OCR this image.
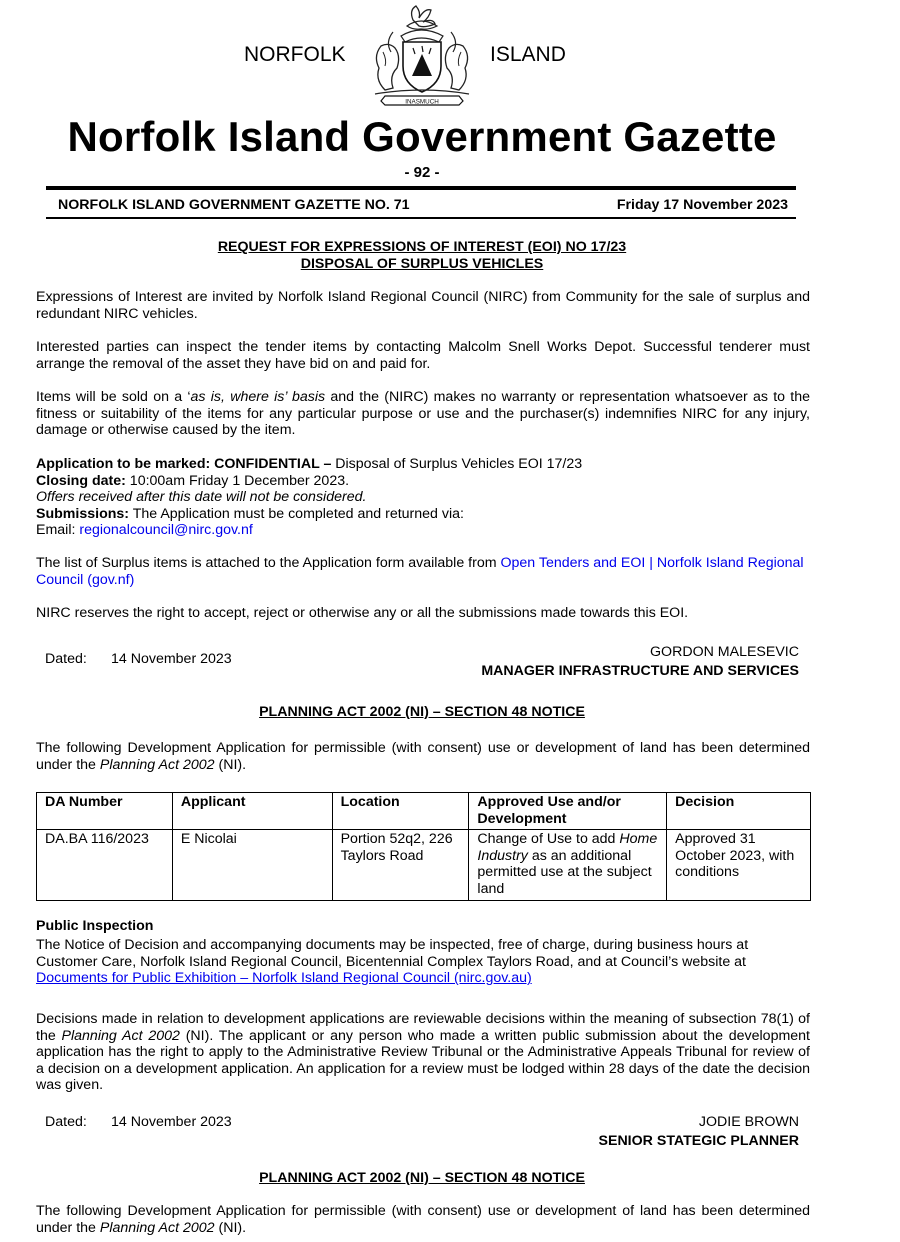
NORFOLK	ISLAND
INASMUCH
Norfolk Island Government Gazette
- 92 -
NORFOLK ISLAND GOVERNMENT GAZETTE NO. 71	Friday 17 November 2023
REQUEST FOR EXPRESSIONS OF INTEREST (EOI) NO 17/23
DISPOSAL OF SURPLUS VEHICLES

Expressions of Interest are invited by Norfolk Island Regional Council (NIRC) from Community for the sale of surplus and redundant NIRC vehicles.

Interested parties can inspect the tender items by contacting Malcolm Snell Works Depot. Successful tenderer must arrange the removal of the asset they have bid on and paid for.

Items will be sold on a ‘as is, where is’ basis and the (NIRC) makes no warranty or representation whatsoever as to the fitness or suitability of the items for any particular purpose or use and the purchaser(s) indemnifies NIRC for any injury, damage or otherwise caused by the item.

Application to be marked: CONFIDENTIAL – Disposal of Surplus Vehicles EOI 17/23
Closing date: 10:00am Friday 1 December 2023.
Offers received after this date will not be considered.
Submissions: The Application must be completed and returned via:
Email: regionalcouncil@nirc.gov.nf

The list of Surplus items is attached to the Application form available from Open Tenders and EOI | Norfolk Island Regional Council (gov.nf)

NIRC reserves the right to accept, reject or otherwise any or all the submissions made towards this EOI.

Dated: 14 November 2023	GORDON MALESEVIC
MANAGER INFRASTRUCTURE AND SERVICES
PLANNING ACT 2002 (NI) – SECTION 48 NOTICE

The following Development Application for permissible (with consent) use or development of land has been determined under the Planning Act 2002 (NI).

DA Number	Applicant	Location	Approved Use and/or Development	Decision
DA.BA 116/2023	E Nicolai	Portion 52q2, 226 Taylors Road	Change of Use to add Home Industry as an additional permitted use at the subject land	Approved 31 October 2023, with conditions
Public Inspection

The Notice of Decision and accompanying documents may be inspected, free of charge, during business hours at Customer Care, Norfolk Island Regional Council, Bicentennial Complex Taylors Road, and at Council’s website at Documents for Public Exhibition – Norfolk Island Regional Council (nirc.gov.au)

Decisions made in relation to development applications are reviewable decisions within the meaning of subsection 78(1) of the Planning Act 2002 (NI). The applicant or any person who made a written public submission about the development application has the right to apply to the Administrative Review Tribunal or the Administrative Appeals Tribunal for review of a decision on a development application. An application for a review must be lodged within 28 days of the date the decision was given.

Dated: 14 November 2023	JODIE BROWN
SENIOR STATEGIC PLANNER
PLANNING ACT 2002 (NI) – SECTION 48 NOTICE

The following Development Application for permissible (with consent) use or development of land has been determined under the Planning Act 2002 (NI).
